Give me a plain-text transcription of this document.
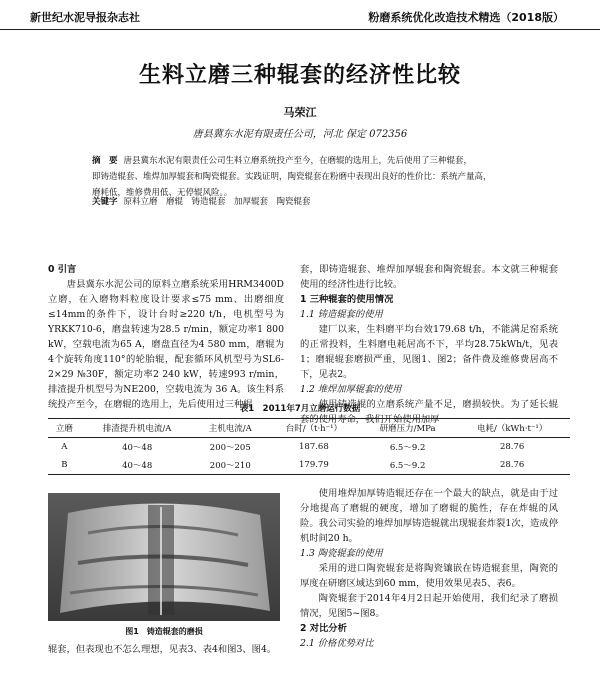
新世纪水泥导报杂志社	粉磨系统优化改造技术精选（2018版）
生料立磨三种辊套的经济性比较
马荣江
唐县冀东水泥有限责任公司，河北 保定 072356
摘　要 唐县冀东水泥有限责任公司生料立磨系统投产至今，在磨辊的选用上，先后使用了三种辊套，
即铸造辊套、堆焊加厚辊套和陶瓷辊套。实践证明，陶瓷辊套在粉磨中表现出良好的性价比：系统产量高，
磨耗低，维修费用低、无停辊风险。。
关键字 原料立磨　磨辊　铸造辊套　加厚辊套　陶瓷辊套

0 引言

唐县冀东水泥公司的原料立磨系统采用HRM3400D立磨，在入磨物料粒度设计要求≤75 mm、出磨细度≤14mm的条件下，设计台时≥220 t/h，电机型号为YRKK710-6，磨盘转速为28.5 r/min，额定功率1 800 kW，空载电流为65 A，磨盘直径为4 580 mm，磨辊为4个旋转角度110°的轮胎辊，配套循环风机型号为SL6-2×29 №30F，额定功率2 240 kW，转速993 r/min，排渣提升机型号为NE200，空载电流为 36 A。该生料系统投产至今，在磨辊的选用上，先后使用过三种辊

套，即铸造辊套、堆焊加厚辊套和陶瓷辊套。本文就三种辊套使用的经济性进行比较。

1 三种辊套的使用情况

1.1 铸造辊套的使用

建厂以来，生料磨平均台效179.68 t/h，不能满足窑系统的正常投料，生料磨电耗居高不下，平均28.75kWh/t，见表1；磨辊辊套磨损严重，见图1、图2；备件费及维修费居高不下，见表2。

1.2 堆焊加厚辊套的使用

使用铸造辊的立磨系统产量不足，磨损较快。为了延长辊套的使用寿命，我们开始使用加厚

表1　2011年7月立磨运行数据
立磨	排渣提升机电流/A	主机电流/A	台时/（t·h⁻¹）	研磨压力/MPa	电耗/（kWh·t⁻¹）
A	40～48	200～205	187.68	6.5～9.2	28.76
B	40～48	200～210	179.79	6.5～9.2	28.76
图1　铸造辊套的磨损

辊套，但表现也不怎么理想，见表3、表4和图3、图4。

使用堆焊加厚铸造辊还存在一个最大的缺点，就是由于过分地提高了磨辊的硬度，增加了磨辊的脆性，存在炸辊的风险。我公司实验的堆焊加厚铸造辊就出现辊套炸裂1次，造成停机时间20 h。

1.3 陶瓷辊套的使用

采用的进口陶瓷辊套是将陶瓷镶嵌在铸造辊套里，陶瓷的厚度在研磨区域达到60 mm，使用效果见表5、表6。

陶瓷辊套于2014年4月2日起开始使用，我们纪录了磨损情况，见图5~图8。

2 对比分析

2.1 价格优势对比
